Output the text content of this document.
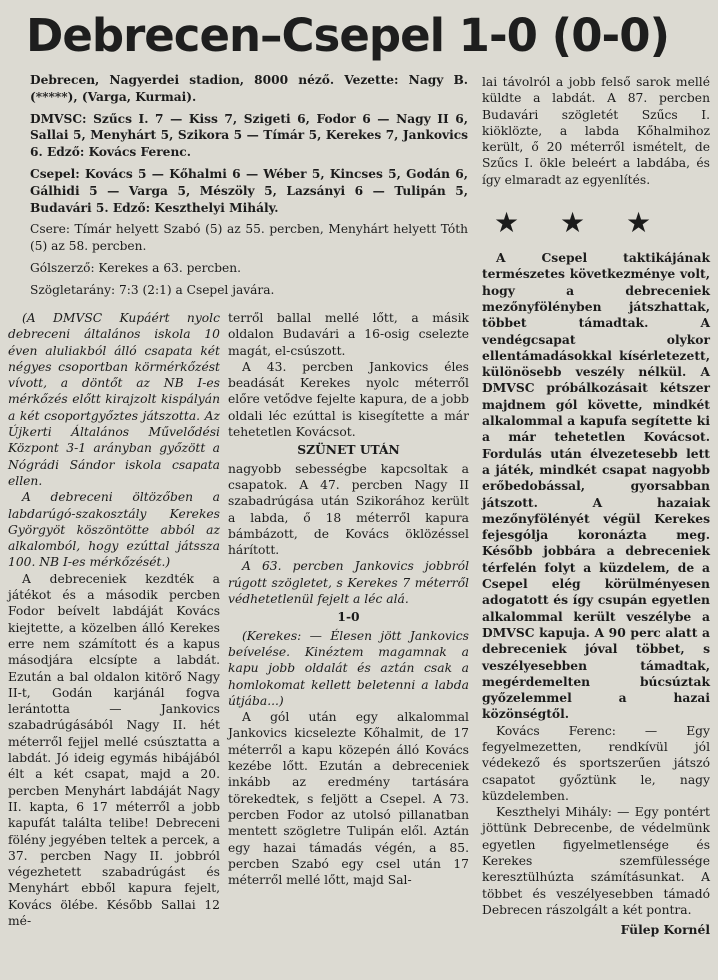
Debrecen–Csepel 1-0 (0-0)

Debrecen, Nagyerdei stadion, 8000 néző. Vezette: Nagy B. (*****), (Varga, Kurmai).

DMVSC: Szűcs I. 7 — Kiss 7, Szigeti 6, Fodor 6 — Nagy II 6, Sallai 5, Menyhárt 5, Szikora 5 — Tímár 5, Kerekes 7, Jankovics 6. Edző: Kovács Ferenc.

Csepel: Kovács 5 — Kőhalmi 6 — Wéber 5, Kincses 5, Godán 6, Gálhidi 5 — Varga 5, Mészöly 5, Lazsányi 6 — Tulipán 5, Budavári 5. Edző: Keszthelyi Mihály.

Csere: Tímár helyett Szabó (5) az 55. percben, Menyhárt helyett Tóth (5) az 58. percben.

Gólszerző: Kerekes a 63. percben.

Szögletarány: 7:3 (2:1) a Csepel javára.

(A DMVSC Kupáért nyolc debreceni általános iskola 10 éven aluliakból álló csapata két négyes csoportban körmérkőzést vívott, a döntőt az NB I-es mérkőzés előtt kirajzolt kispályán a két csoportgyőztes játszotta. Az Újkerti Általános Művelődési Központ 3-1 arányban győzött a Nógrádi Sándor iskola csapata ellen.

A debreceni öltözőben a labdarúgó-szakosztály Kerekes Györgyöt köszöntötte abból az alkalomból, hogy ezúttal játssza 100. NB I-es mérkőzését.)

A debreceniek kezdték a játékot és a második percben Fodor beívelt labdáját Kovács kiejtette, a közelben álló Kerekes erre nem számított és a kapus másodjára elcsípte a labdát. Ezután a bal oldalon kitörő Nagy II-t, Godán karjánál fogva lerántotta — Jankovics szabadrúgásából Nagy II. hét méterről fejjel mellé csúsztatta a labdát. Jó ideig egymás hibájából élt a két csapat, majd a 20. percben Menyhárt labdáját Nagy II. kapta, 6 17 méterről a jobb kapufát találta telibe! Debreceni fölény jegyében teltek a percek, a 37. percben Nagy II. jobbról végezhetett szabadrúgást és Menyhárt ebből kapura fejelt, Kovács ölébe. Később Sallai 12 mé-

terről ballal mellé lőtt, a másik oldalon Budavári a 16-osig cselezte magát, el-csúszott.

A 43. percben Jankovics éles beadását Kerekes nyolc méterről előre vetődve fejelte kapura, de a jobb oldali léc ezúttal is kisegítette a már tehetetlen Kovácsot.

SZÜNET UTÁN

nagyobb sebességbe kapcsoltak a csapatok. A 47. percben Nagy II szabadrúgása után Szikorához került a labda, ő 18 méterről kapura bámbázott, de Kovács öklözéssel hárított.

A 63. percben Jankovics jobbról rúgott szögletet, s Kerekes 7 méterről védhetetlenül fejelt a léc alá.

1-0

(Kerekes: — Élesen jött Jankovics beívelése. Kinéztem magamnak a kapu jobb oldalát és aztán csak a homlokomat kellett beletenni a labda útjába...)

A gól után egy alkalommal Jankovics kicselezte Kőhalmit, de 17 méterről a kapu közepén álló Kovács kezébe lőtt. Ezután a debreceniek inkább az eredmény tartására törekedtek, s feljött a Csepel. A 73. percben Fodor az utolsó pillanatban mentett szögletre Tulipán elől. Aztán egy hazai támadás végén, a 85. percben Szabó egy csel után 17 méterről mellé lőtt, majd Sal-

lai távolról a jobb felső sarok mellé küldte a labdát. A 87. percben Budavári szögletét Szűcs I. kiöklözte, a labda Kőhalmihoz került, ő 20 méterről ismételt, de Szűcs I. ökle beleért a labdába, és így elmaradt az egyenlítés.

★ ★ ★

A Csepel taktikájának természetes következménye volt, hogy a debreceniek mezőnyfölényben játszhattak, többet támadtak. A vendégcsapat olykor ellentámadásokkal kísérletezett, különösebb veszély nélkül. A DMVSC próbálkozásait kétszer majdnem gól követte, mindkét alkalommal a kapufa segítette ki a már tehetetlen Kovácsot. Fordulás után élvezetesebb lett a játék, mindkét csapat nagyobb erőbedobással, gyorsabban játszott. A hazaiak mezőnyfölényét végül Kerekes fejesgólja koronázta meg. Később jobbára a debreceniek térfelén folyt a küzdelem, de a Csepel elég körülményesen adogatott és így csupán egyetlen alkalommal került veszélybe a DMVSC kapuja. A 90 perc alatt a debreceniek jóval többet, s veszélyesebben támadtak, megérdemelten búcsúztak győzelemmel a hazai közönségtől.

Kovács Ferenc: — Egy fegyelmezetten, rendkívül jól védekező és sportszerűen játszó csapatot győztünk le, nagy küzdelemben.

Keszthelyi Mihály: — Egy pontért jöttünk Debrecenbe, de védelmünk egyetlen figyelmetlensége és Kerekes szemfülessége keresztülhúzta számításunkat. A többet és veszélyesebben támadó Debrecen rászolgált a két pontra.

Fülep Kornél
